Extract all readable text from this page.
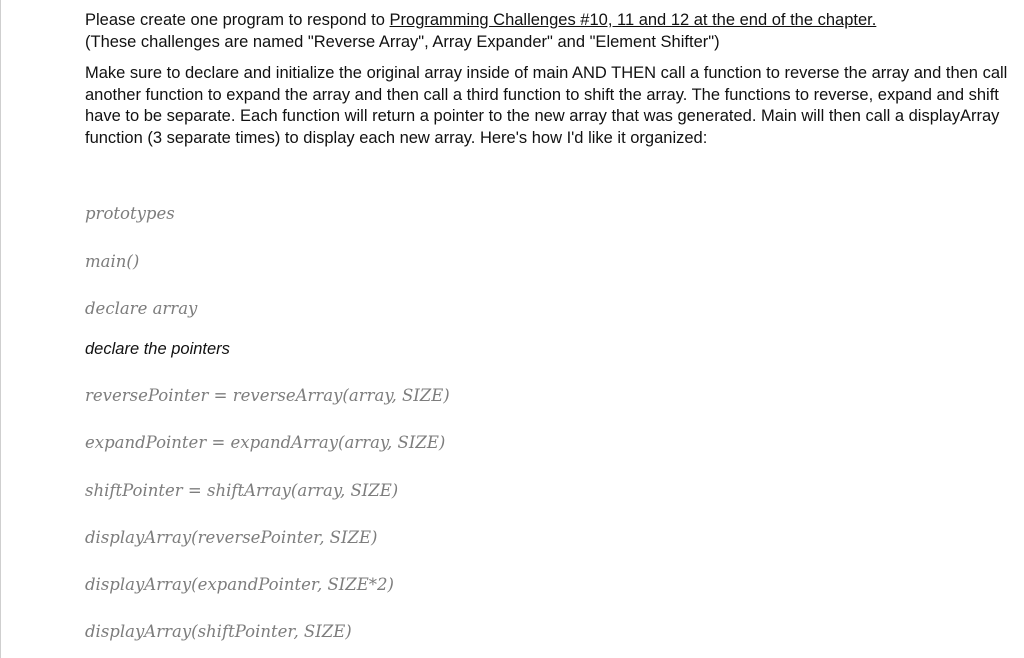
Please create one program to respond to Programming Challenges #10, 11 and 12 at the end of the chapter.
(These challenges are named "Reverse Array", Array Expander" and "Element Shifter")

Make sure to declare and initialize the original array inside of main AND THEN call a function to reverse the array and then call another function to expand the array and then call a third function to shift the array. The functions to reverse, expand and shift have to be separate. Each function will return a pointer to the new array that was generated. Main will then call a displayArray function (3 separate times) to display each new array. Here's how I'd like it organized:

prototypes

main()

declare array

declare the pointers

reversePointer = reverseArray(array, SIZE)

expandPointer = expandArray(array, SIZE)

shiftPointer = shiftArray(array, SIZE)

displayArray(reversePointer, SIZE)

displayArray(expandPointer, SIZE*2)

displayArray(shiftPointer, SIZE)
